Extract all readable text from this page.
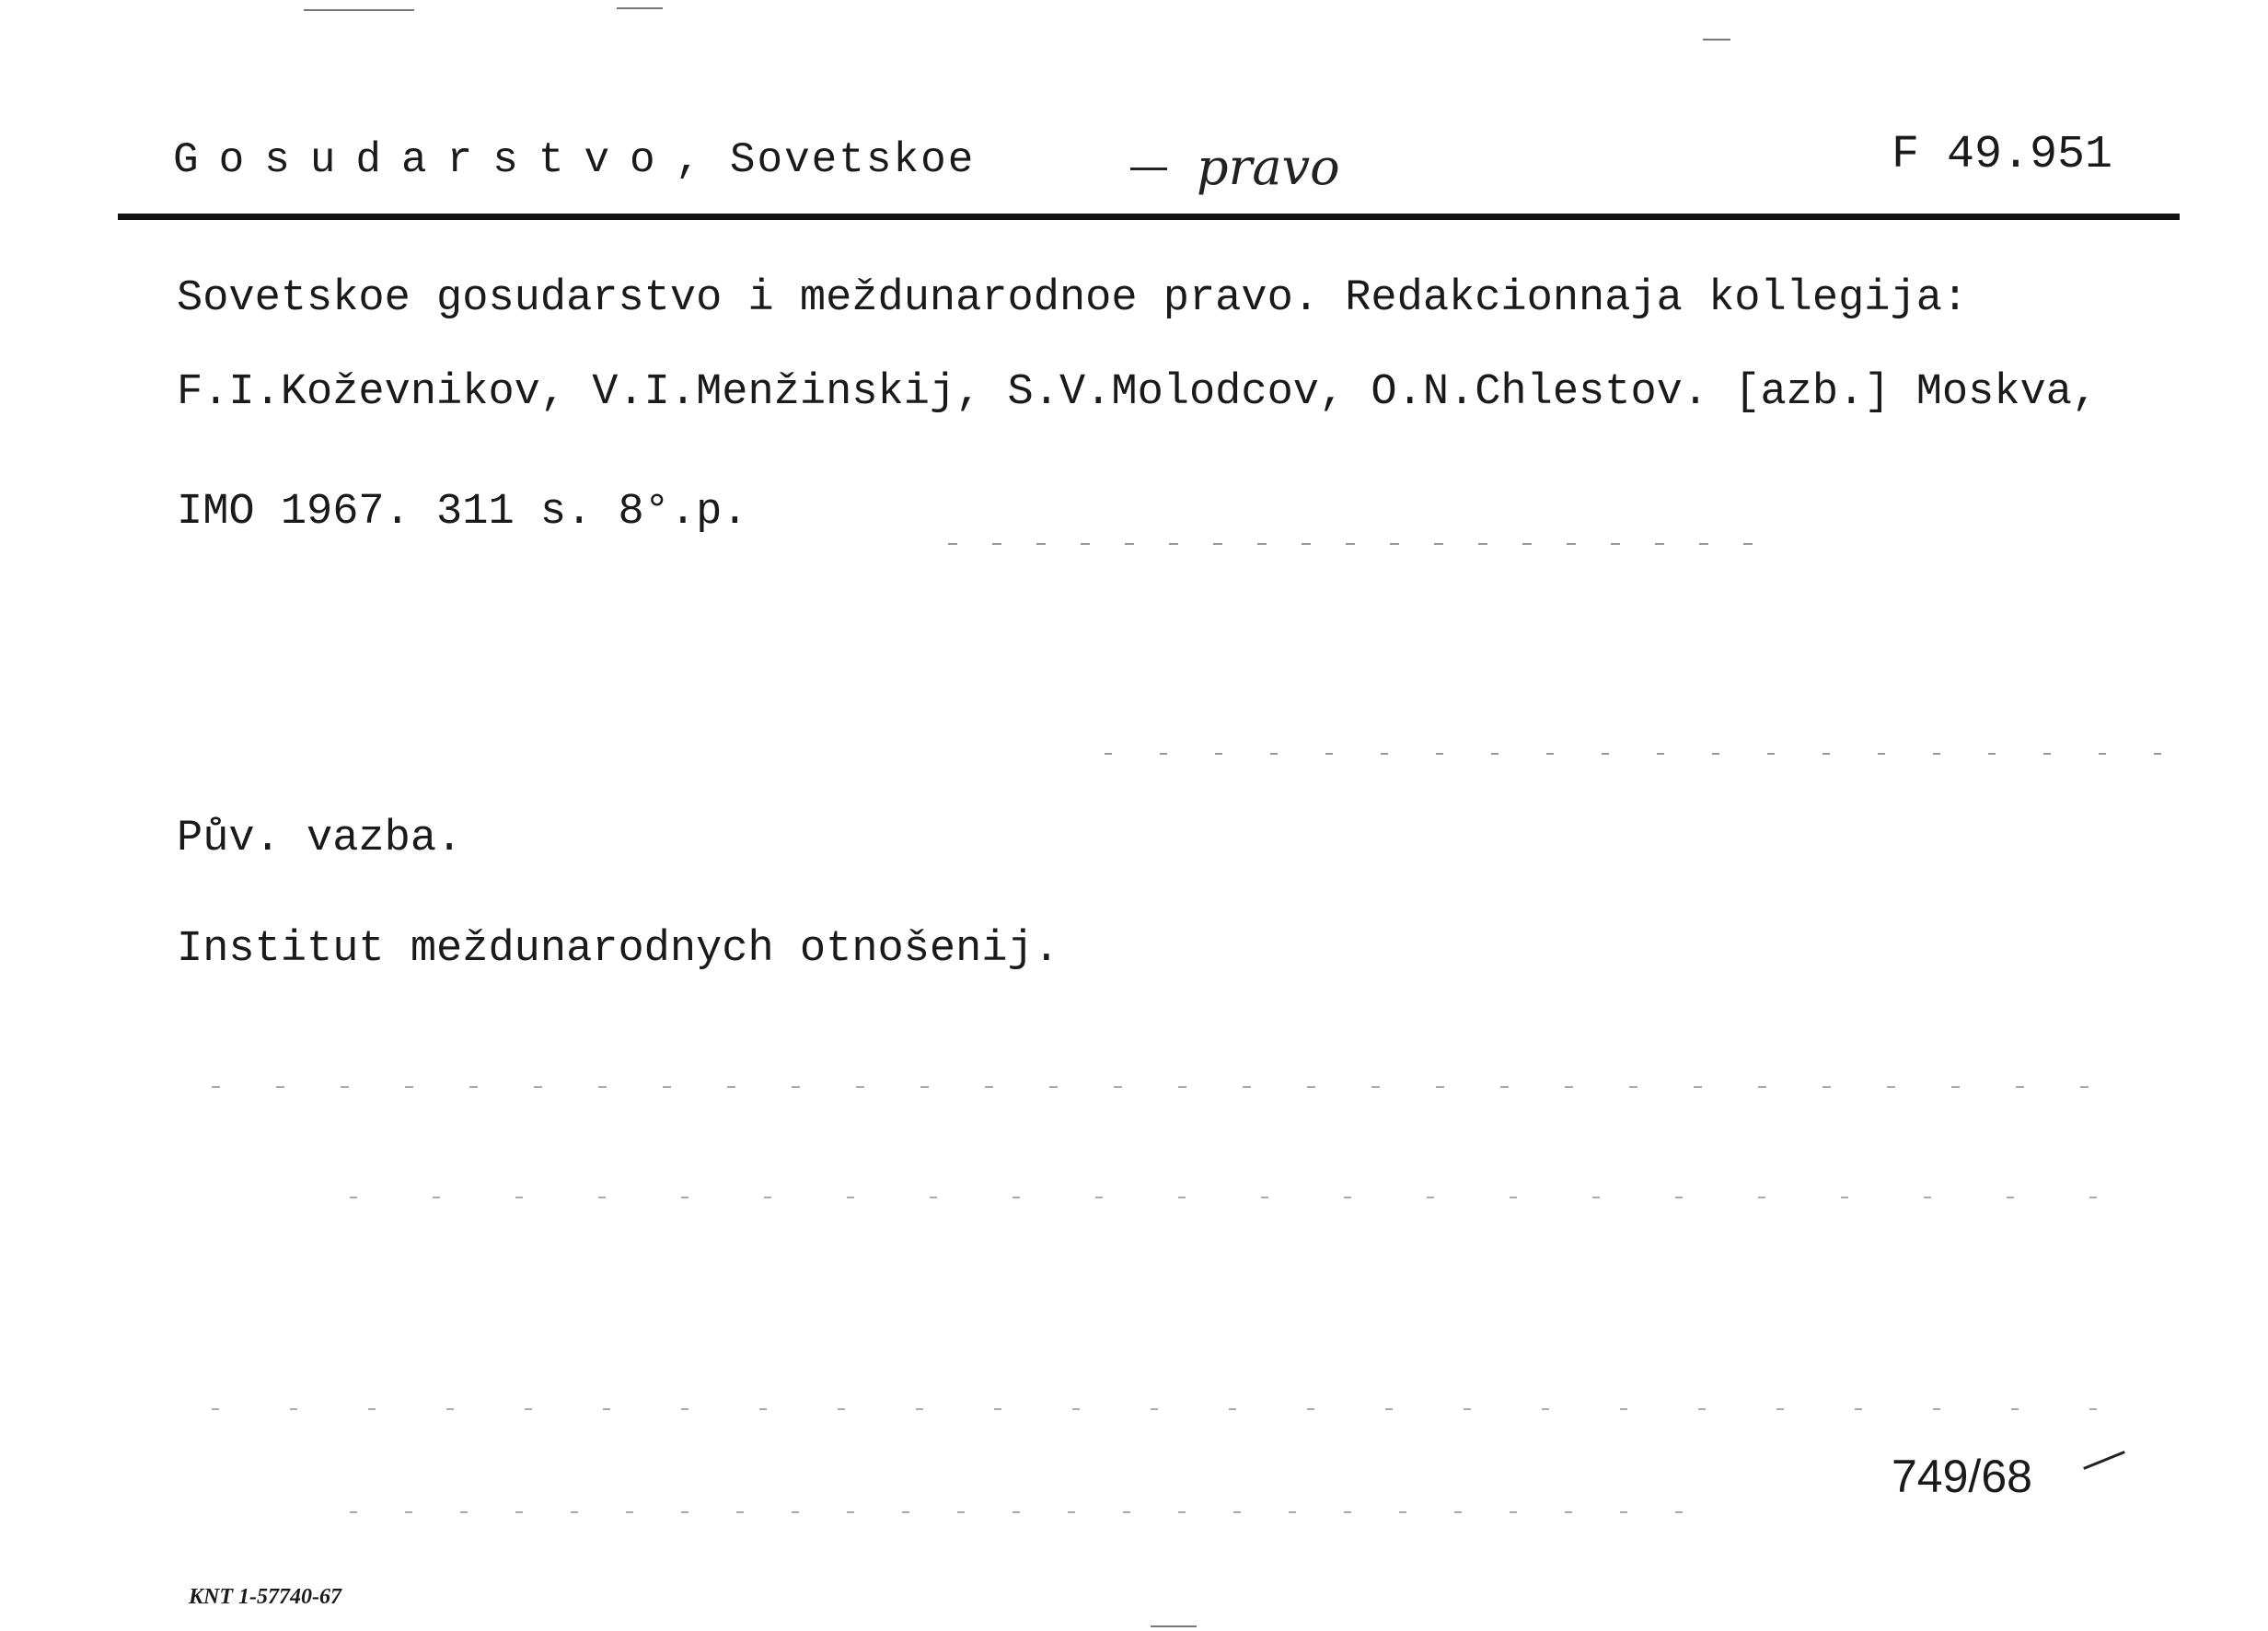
Gosudarstvo, Sovetskoe	pravo	F 49.951
Sovetskoe gosudarstvo i meždunarodnoe pravo. Redakcionnaja kollegija:
F.I.Koževnikov, V.I.Menžinskij, S.V.Molodcov, O.N.Chlestov. [azb.] Moskva,
IMO 1967. 311 s. 8°.p.
Pův. vazba.
Institut meždunarodnych otnošenij.
749/68
KNT 1-57740-67
